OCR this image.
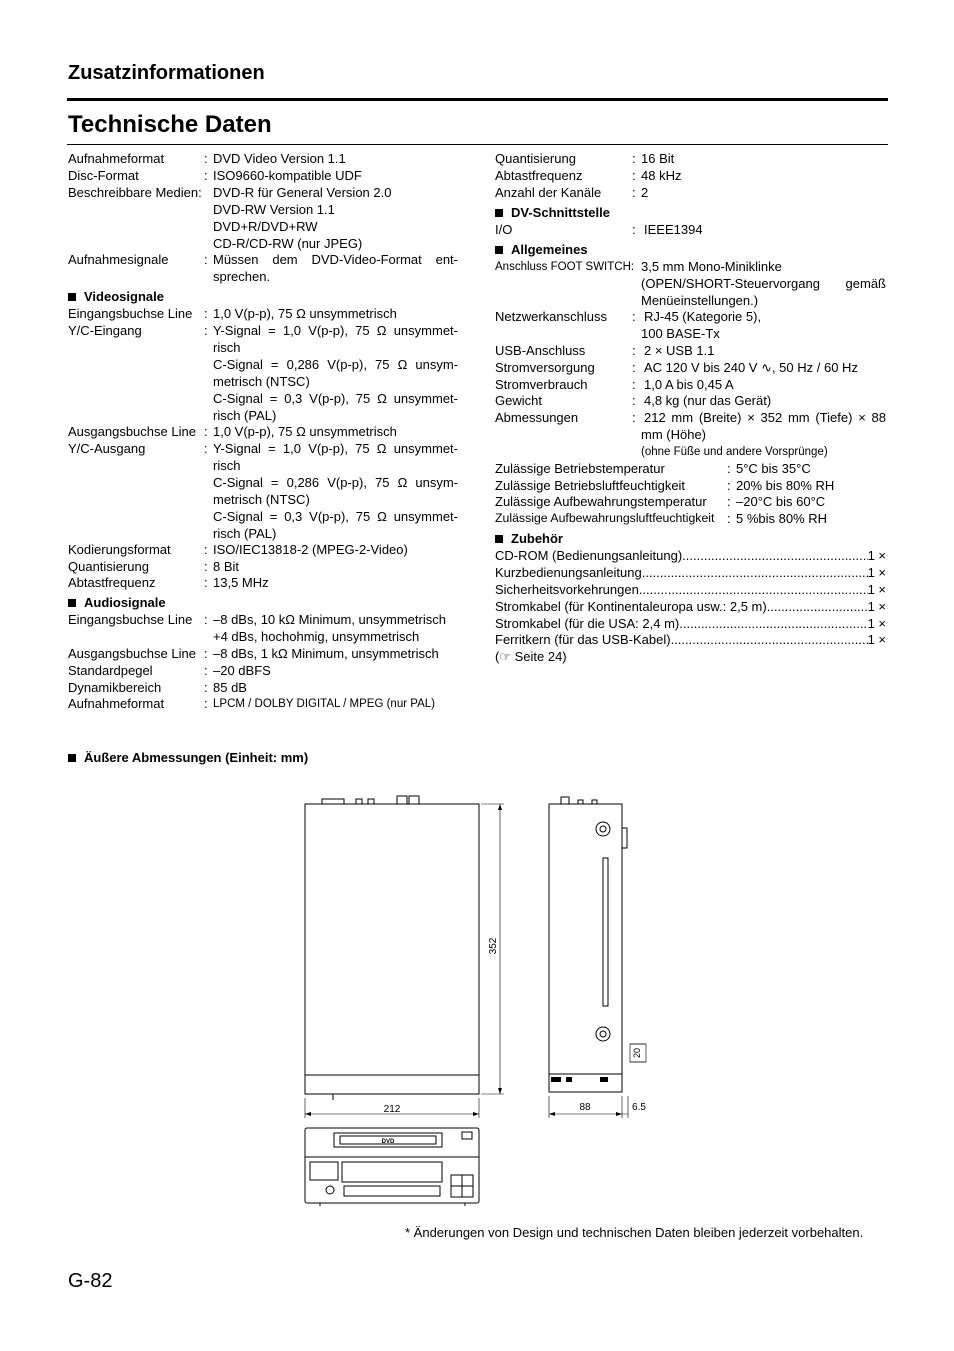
Zusatzinformationen
Technische Daten
Aufnahmeformat	: DVD Video Version 1.1
Disc-Format	: ISO9660-kompatible UDF
Beschreibbare Medien: DVD-R für General Version 2.0
DVD-RW Version 1.1
DVD+R/DVD+RW
CD-R/CD-RW (nur JPEG)
Aufnahmesignale	: Müssen dem DVD-Video-Format ent-
sprechen.
Videosignale
Eingangsbuchse Line : 1,0 V(p-p), 75 Ω unsymmetrisch
Y/C-Eingang	: Y-Signal = 1,0 V(p-p), 75 Ω unsymmet-
risch
C-Signal = 0,286 V(p-p), 75 Ω unsym-
metrisch (NTSC)
C-Signal = 0,3 V(p-p), 75 Ω unsymmet-
risch (PAL)
Ausgangsbuchse Line : 1,0 V(p-p), 75 Ω unsymmetrisch
Y/C-Ausgang	: Y-Signal = 1,0 V(p-p), 75 Ω unsymmet-
risch
C-Signal = 0,286 V(p-p), 75 Ω unsym-
metrisch (NTSC)
C-Signal = 0,3 V(p-p), 75 Ω unsymmet-
risch (PAL)
Kodierungsformat	: ISO/IEC13818-2 (MPEG-2-Video)
Quantisierung	: 8 Bit
Abtastfrequenz	: 13,5 MHz
Audiosignale
Eingangsbuchse Line : –8 dBs, 10 kΩ Minimum, unsymmetrisch
+4 dBs, hochohmig, unsymmetrisch
Ausgangsbuchse Line : –8 dBs, 1 kΩ Minimum, unsymmetrisch
Standardpegel	: –20 dBFS
Dynamikbereich	: 85 dB
Aufnahmeformat	: LPCM / DOLBY DIGITAL / MPEG (nur PAL)
Quantisierung	: 16 Bit
Abtastfrequenz	: 48 kHz
Anzahl der Kanäle : 2
DV-Schnittstelle
I/O	: IEEE1394
Allgemeines
Anschluss FOOT SWITCH: 3,5 mm Mono-Miniklinke
(OPEN/SHORT-Steuervorgang gemäß
Menüeinstellungen.)
Netzwerkanschluss : RJ-45 (Kategorie 5),
100 BASE-Tx
USB-Anschluss	: 2 × USB 1.1
Stromversorgung	: AC 120 V bis 240 V ∿, 50 Hz / 60 Hz
Stromverbrauch	: 1,0 A bis 0,45 A
Gewicht	: 4,8 kg (nur das Gerät)
Abmessungen	: 212 mm (Breite) × 352 mm (Tiefe) × 88
mm (Höhe)
(ohne Füße und andere Vorsprünge)
Zulässige Betriebstemperatur	: 5°C bis 35°C
Zulässige Betriebsluftfeuchtigkeit	: 20% bis 80% RH
Zulässige Aufbewahrungstemperatur : –20°C bis 60°C
Zulässige Aufbewahrungsluftfeuchtigkeit : 5 %bis 80% RH
Zubehör
CD-ROM (Bedienungsanleitung) .....	1 ×
Kurzbedienungsanleitung .....	1 ×
Sicherheitsvorkehrungen .....	1 ×
Stromkabel (für Kontinentaleuropa usw.: 2,5 m) .....	1 ×
Stromkabel (für die USA: 2,4 m) .....	1 ×
Ferritkern (für das USB-Kabel) .....	1 ×
(☞ Seite 24)
Äußere Abmessungen (Einheit: mm)
212
352
88	6.5
20
DVD
* Änderungen von Design und technischen Daten bleiben jederzeit vorbehalten.
G-82
